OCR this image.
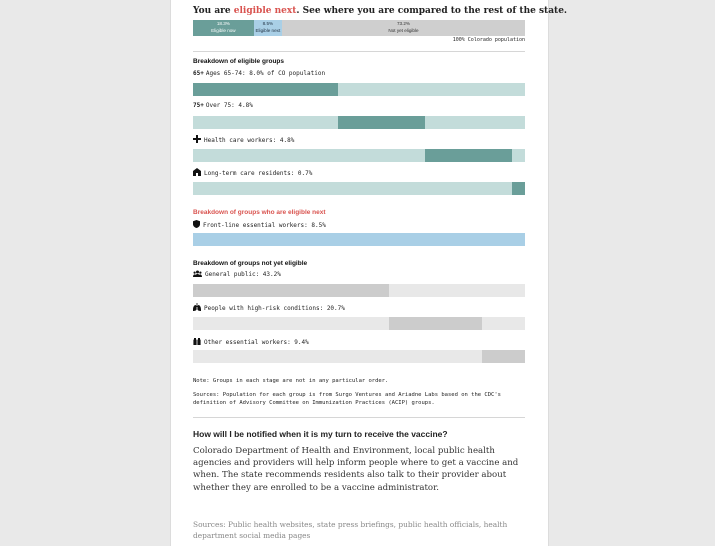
You are eligible next. See where you are compared to the rest of the state.
18.3%
Eligible now
8.5%
Eligible next
73.2%
Not yet eligible
100% Colorado population
Breakdown of eligible groups
65+ Ages 65-74: 8.0% of CO population
75+ Over 75: 4.8%
Health care workers: 4.8%
Long-term care residents: 0.7%
Breakdown of groups who are eligible next
Front-line essential workers: 8.5%
Breakdown of groups not yet eligible
General public: 43.2%
People with high-risk conditions: 20.7%
Other essential workers: 9.4%
Note: Groups in each stage are not in any particular order.
Sources: Population for each group is from Surgo Ventures and Ariadne Labs based on the CDC's definition of Advisory Committee on Immunization Practices (ACIP) groups.
How will I be notified when it is my turn to receive the vaccine?
Colorado Department of Health and Environment, local public health agencies and providers will help inform people where to get a vaccine and when. The state recommends residents also talk to their provider about whether they are enrolled to be a vaccine administrator.
Sources: Public health websites, state press briefings, public health officials, health department social media pages
